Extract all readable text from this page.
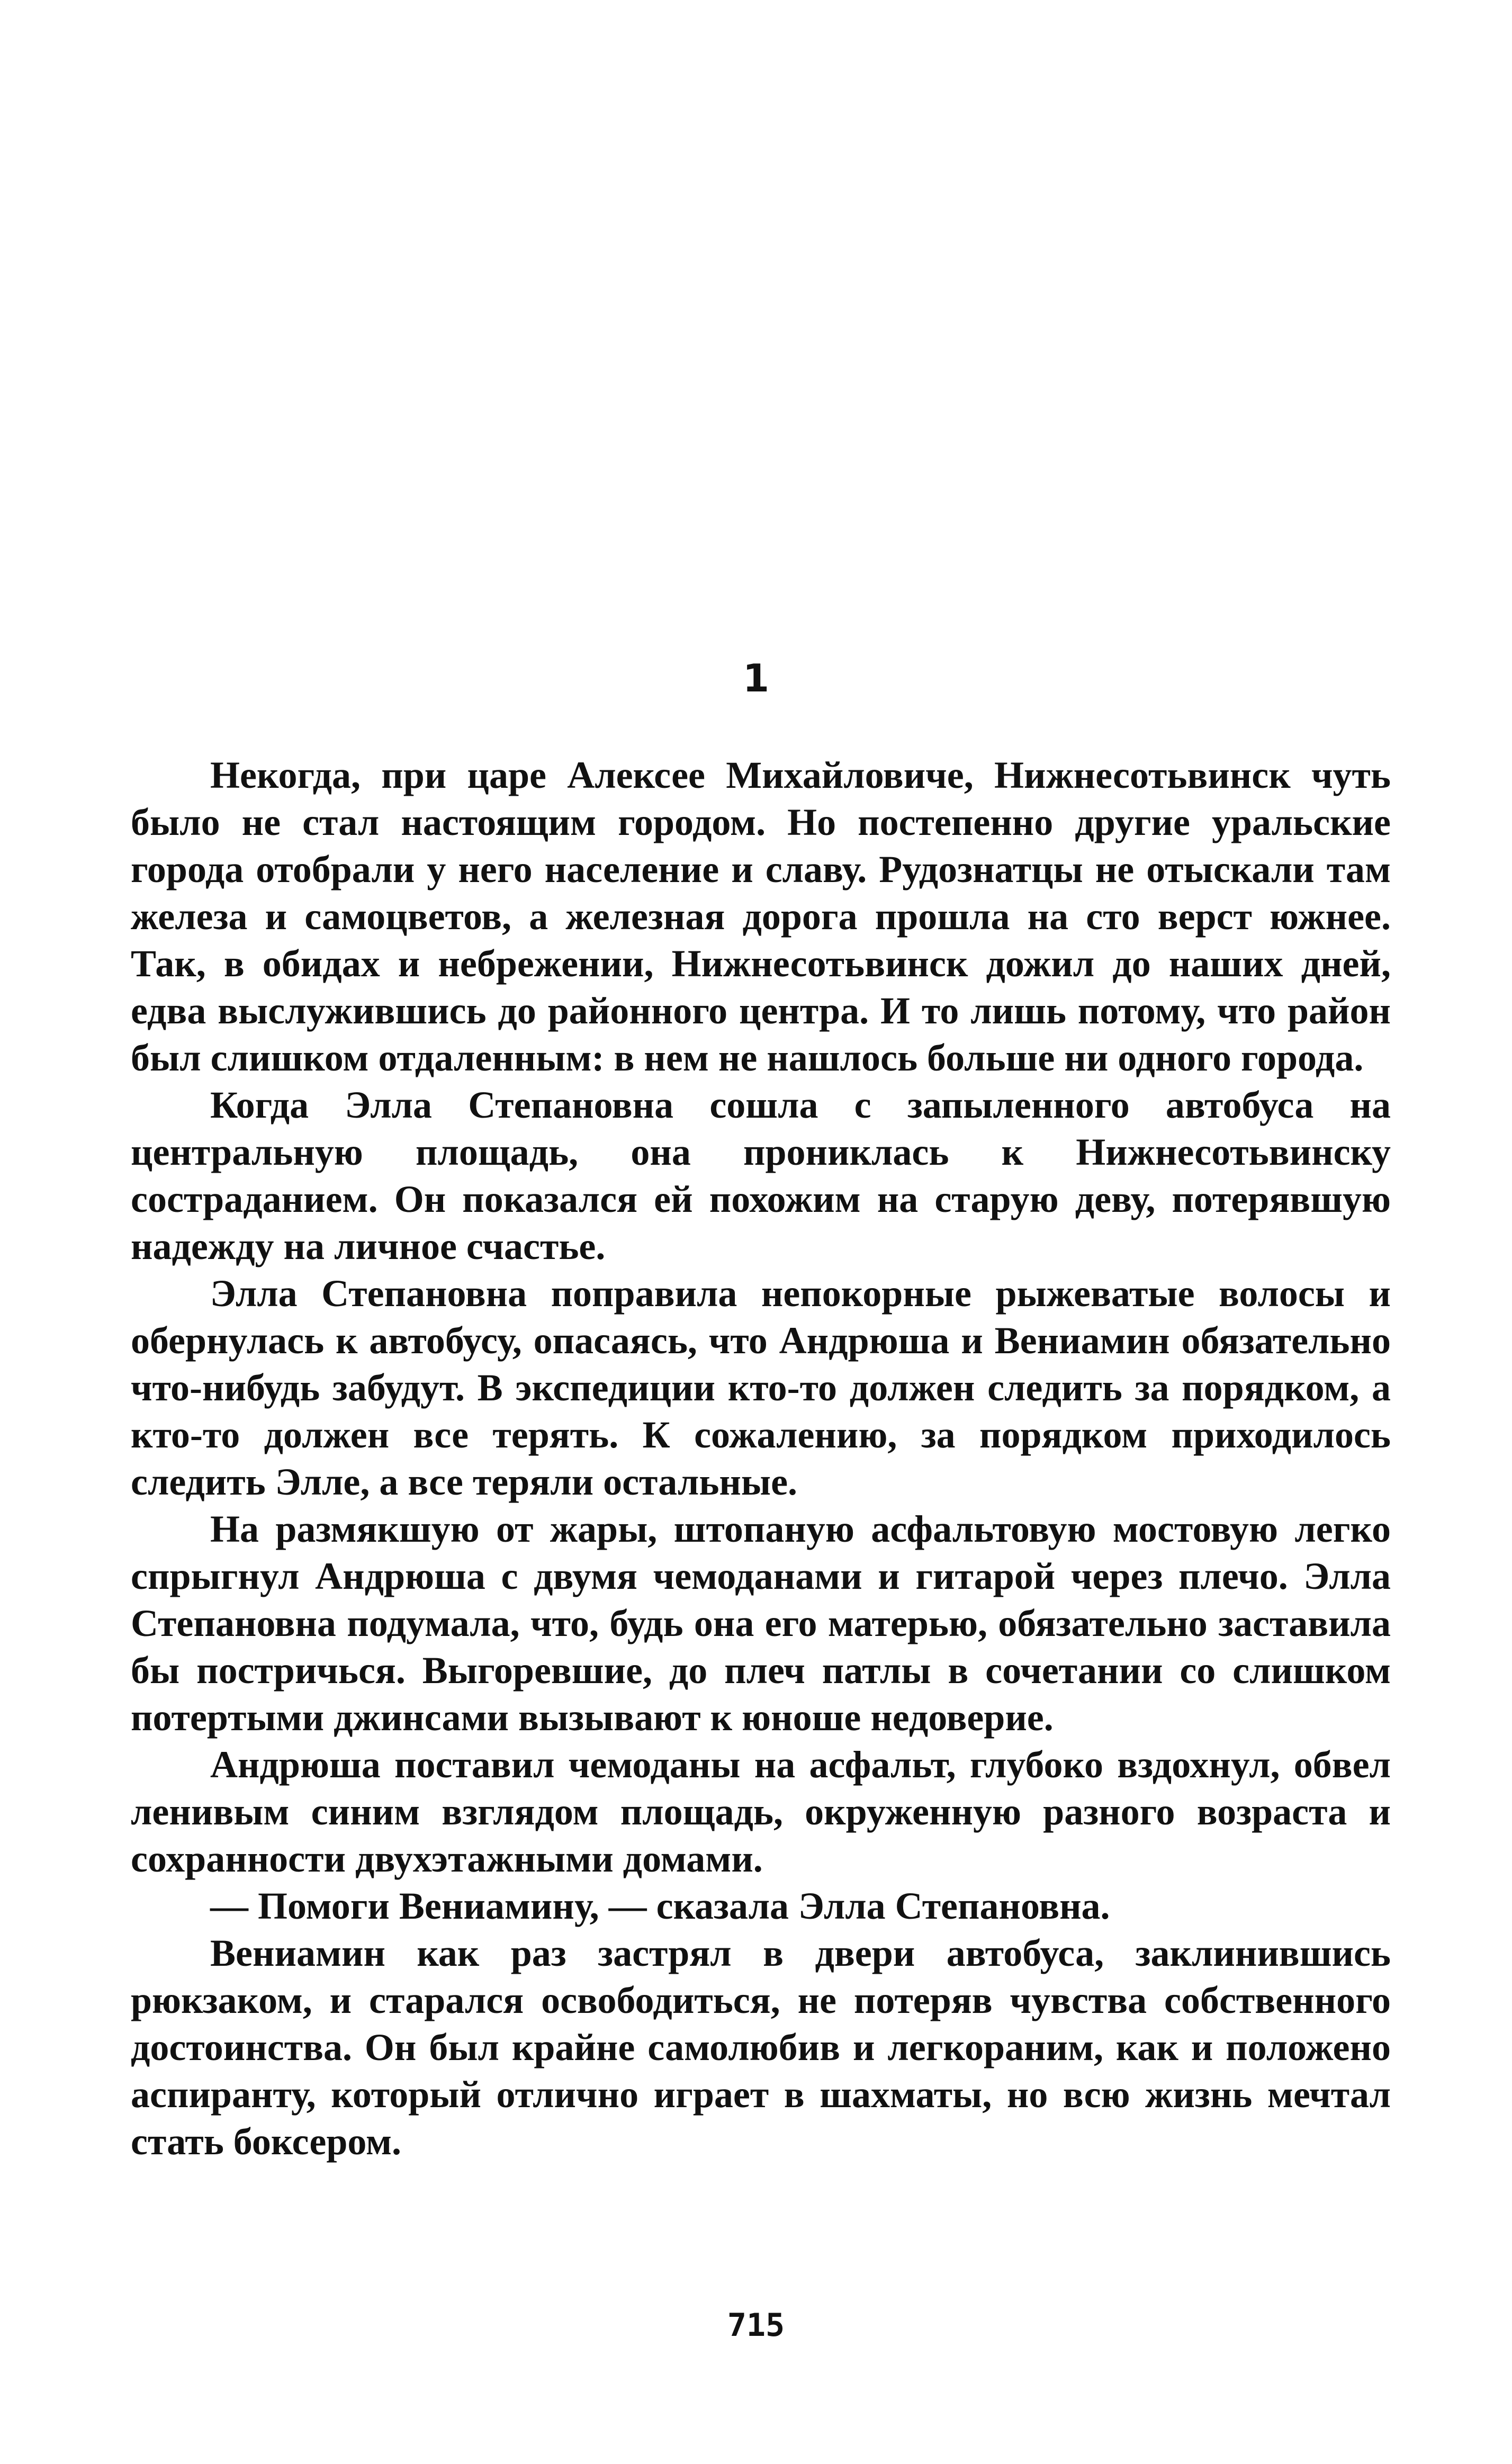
1

Некогда, при царе Алексее Михайловиче, Нижнесотьвинск чуть было не стал настоящим городом. Но постепенно другие уральские города отобрали у него население и славу. Рудознатцы не отыскали там железа и самоцветов, а железная дорога прошла на сто верст южнее. Так, в обидах и небрежении, Нижнесотьвинск дожил до наших дней, едва выслужившись до районного центра. И то лишь потому, что район был слишком отдаленным: в нем не нашлось больше ни одного города.

Когда Элла Степановна сошла с запыленного автобуса на центральную площадь, она прониклась к Нижнесотьвинску состраданием. Он показался ей похожим на старую деву, потерявшую надежду на личное счастье.

Элла Степановна поправила непокорные рыжеватые волосы и обернулась к автобусу, опасаясь, что Андрюша и Вениамин обязательно что-нибудь забудут. В экспедиции кто-то должен следить за порядком, а кто-то должен все терять. К сожалению, за порядком приходилось следить Элле, а все теряли остальные.

На размякшую от жары, штопаную асфальтовую мостовую легко спрыгнул Андрюша с двумя чемоданами и гитарой через плечо. Элла Степановна подумала, что, будь она его матерью, обязательно заставила бы постричься. Выгоревшие, до плеч патлы в сочетании со слишком потертыми джинсами вызывают к юноше недоверие.

Андрюша поставил чемоданы на асфальт, глубоко вздохнул, обвел ленивым синим взглядом площадь, окруженную разного возраста и сохранности двухэтажными домами.

— Помоги Вениамину, — сказала Элла Степановна.

Вениамин как раз застрял в двери автобуса, заклинившись рюкзаком, и старался освободиться, не потеряв чувства собственного достоинства. Он был крайне самолюбив и легкораним, как и положено аспиранту, который отлично играет в шахматы, но всю жизнь мечтал стать боксером.

715
